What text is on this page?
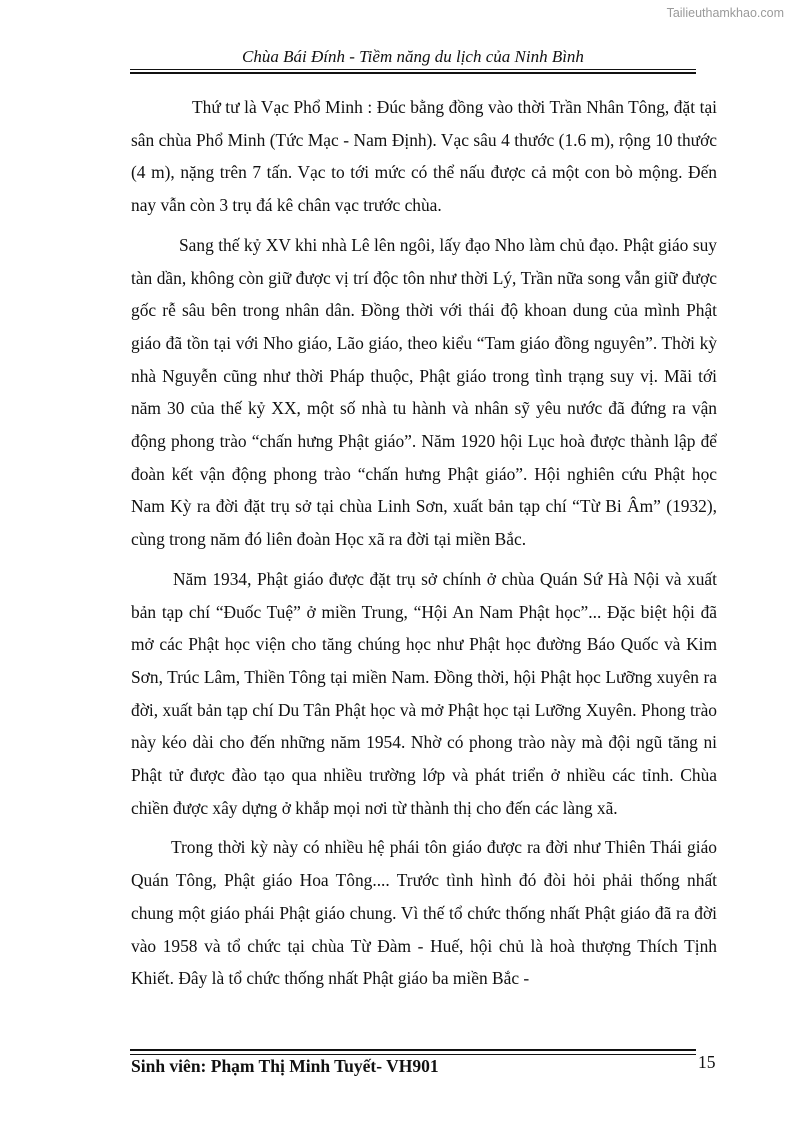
Tailieuthamkhao.com
Chùa Bái Đính - Tiềm năng du lịch của Ninh Bình

Thứ tư là Vạc Phổ Minh : Đúc bằng đồng vào thời Trần Nhân Tông, đặt tại sân chùa Phổ Minh (Tức Mạc - Nam Định). Vạc sâu 4 thước (1.6 m), rộng 10 thước (4 m), nặng trên 7 tấn. Vạc to tới mức có thể nấu được cả một con bò mộng. Đến nay vẫn còn 3 trụ đá kê chân vạc trước chùa.

Sang thế kỷ XV khi nhà Lê lên ngôi, lấy đạo Nho làm chủ đạo. Phật giáo suy tàn dần, không còn giữ được vị trí độc tôn như thời Lý, Trần nữa song vẫn giữ được gốc rễ sâu bên trong nhân dân. Đồng thời với thái độ khoan dung của mình Phật giáo đã tồn tại với Nho giáo, Lão giáo, theo kiểu “Tam giáo đồng nguyên”. Thời kỳ nhà Nguyễn cũng như thời Pháp thuộc, Phật giáo trong tình trạng suy vị. Mãi tới năm 30 của thế kỷ XX, một số nhà tu hành và nhân sỹ yêu nước đã đứng ra vận động phong trào “chấn hưng Phật giáo”. Năm 1920 hội Lục hoà được thành lập để đoàn kết vận động phong trào “chấn hưng Phật giáo”. Hội nghiên cứu Phật học Nam Kỳ ra đời đặt trụ sở tại chùa Linh Sơn, xuất bản tạp chí “Từ Bi Âm” (1932), cùng trong năm đó liên đoàn Học xã ra đời tại miền Bắc.

Năm 1934, Phật giáo được đặt trụ sở chính ở chùa Quán Sứ Hà Nội và xuất bản tạp chí “Đuốc Tuệ” ở miền Trung, “Hội An Nam Phật học”... Đặc biệt hội đã mở các Phật học viện cho tăng chúng học như Phật học đường Báo Quốc và Kim Sơn, Trúc Lâm, Thiền Tông tại miền Nam. Đồng thời, hội Phật học Lưỡng xuyên ra đời, xuất bản tạp chí Du Tân Phật học và mở Phật học tại Lưỡng Xuyên. Phong trào này kéo dài cho đến những năm 1954. Nhờ có phong trào này mà đội ngũ tăng ni Phật tử được đào tạo qua nhiều trường lớp và phát triển ở nhiều các tỉnh. Chùa chiền được xây dựng ở khắp mọi nơi từ thành thị cho đến các làng xã.

Trong thời kỳ này có nhiều hệ phái tôn giáo được ra đời như Thiên Thái giáo Quán Tông, Phật giáo Hoa Tông.... Trước tình hình đó đòi hỏi phải thống nhất chung một giáo phái Phật giáo chung. Vì thế tổ chức thống nhất Phật giáo đã ra đời vào 1958 và tổ chức tại chùa Từ Đàm - Huế, hội chủ là hoà thượng Thích Tịnh Khiết. Đây là tổ chức thống nhất Phật giáo ba miền Bắc -

Sinh viên: Phạm Thị Minh Tuyết- VH901	15
